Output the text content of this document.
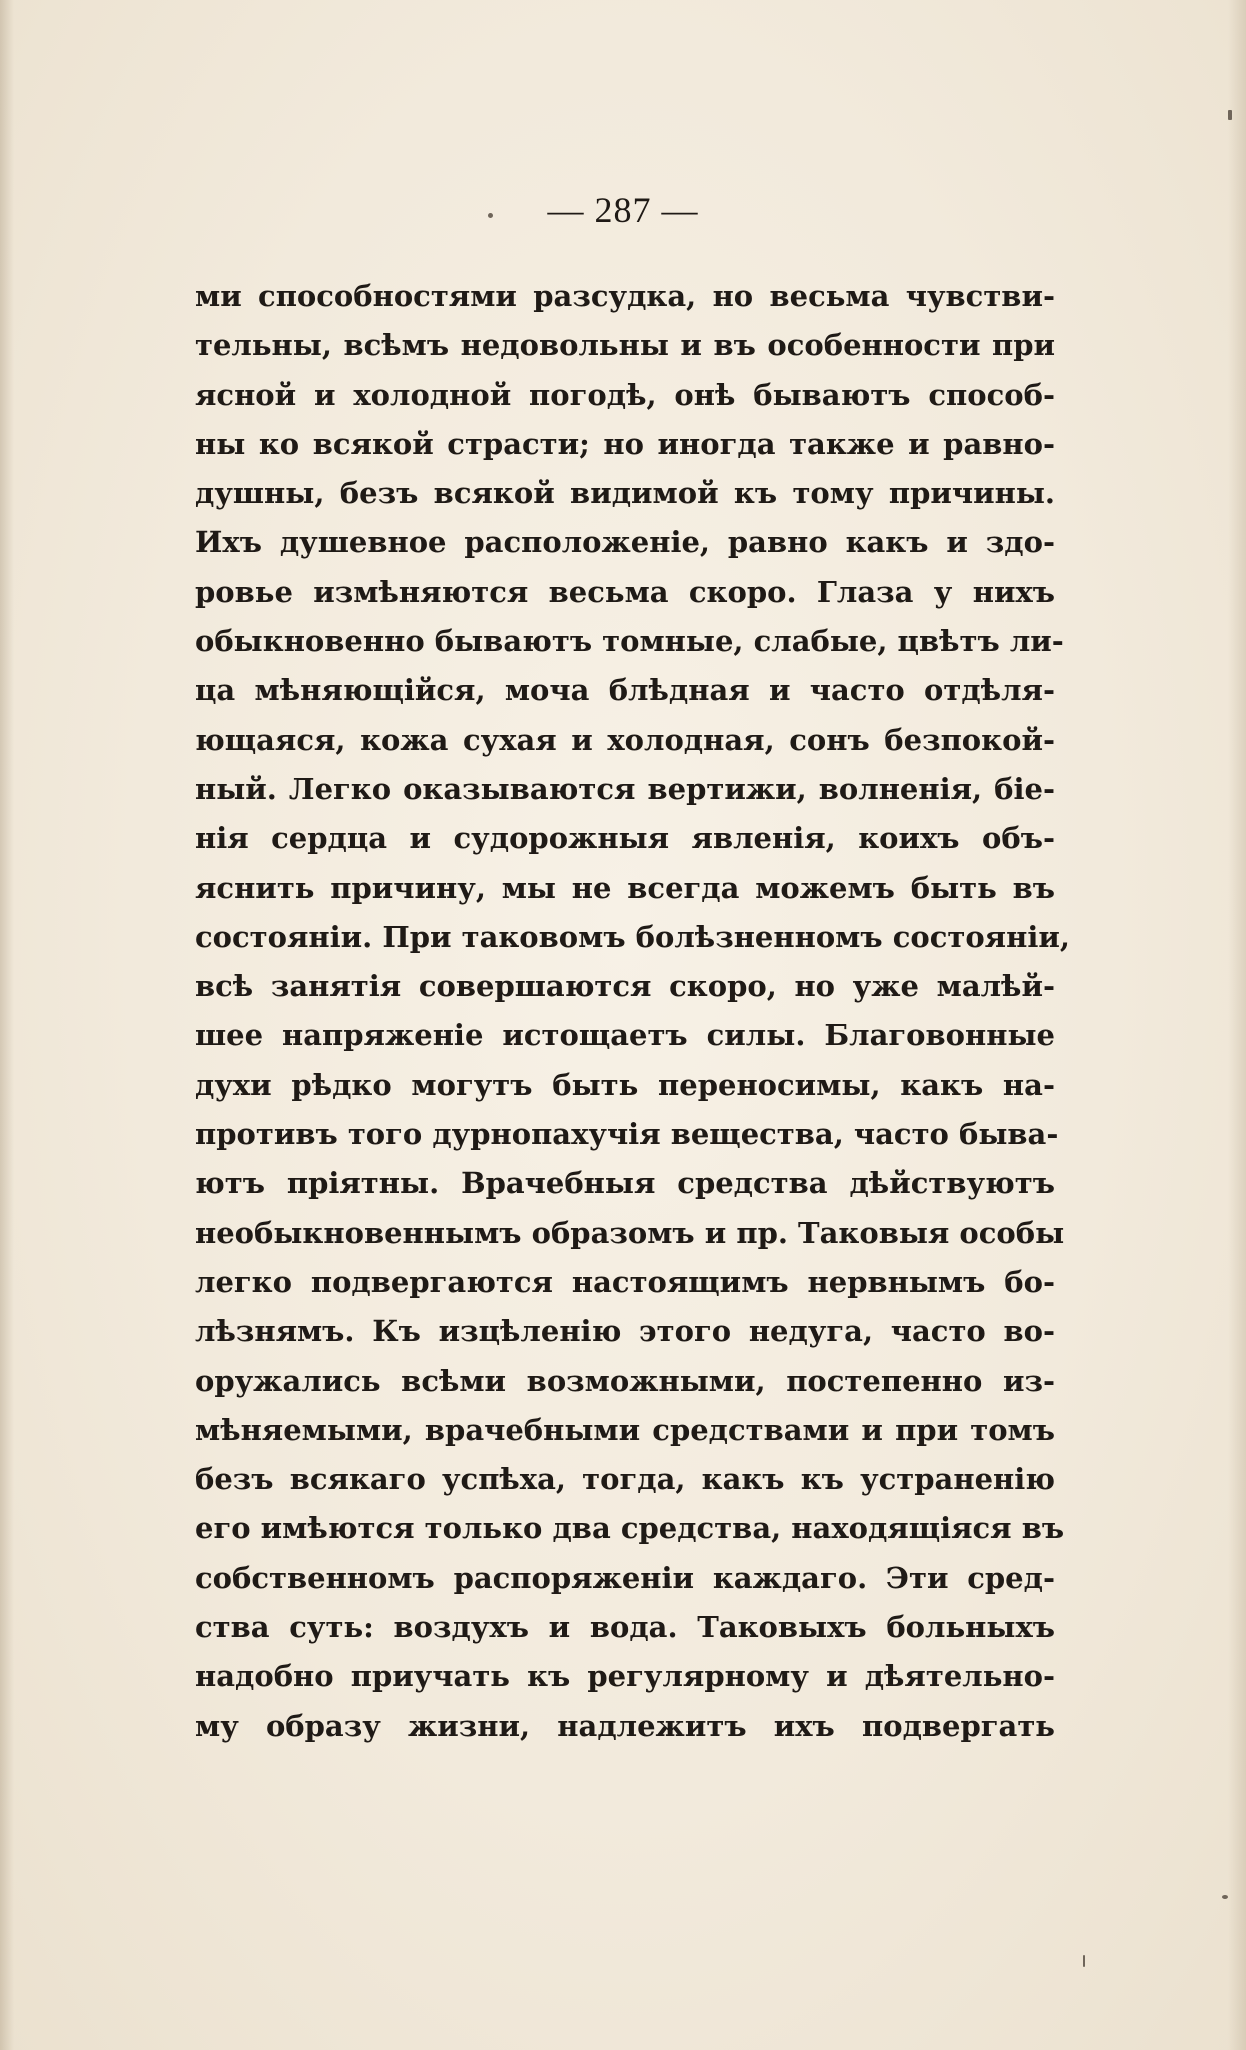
— 287 —
ми способностями разсудка, но весьма чувстви-
тельны, всѣмъ недовольны и въ особенности при
ясной и холодной погодѣ, онѣ бываютъ способ-
ны ко всякой страсти; но иногда также и равно-
душны, безъ всякой видимой къ тому причины.
Ихъ душевное расположеніе, равно какъ и здо-
ровье измѣняются весьма скоро. Глаза у нихъ
обыкновенно бываютъ томные, слабые, цвѣтъ ли-
ца мѣняющійся, моча блѣдная и часто отдѣля-
ющаяся, кожа сухая и холодная, сонъ безпокой-
ный. Легко оказываются вертижи, волненія, біе-
нія сердца и судорожныя явленія, коихъ объ-
яснить причину, мы не всегда можемъ быть въ
состояніи. При таковомъ болѣзненномъ состояніи,
всѣ занятія совершаются скоро, но уже малѣй-
шее напряженіе истощаетъ силы. Благовонные
духи рѣдко могутъ быть переносимы, какъ на-
противъ того дурнопахучія вещества, часто быва-
ютъ пріятны. Врачебныя средства дѣйствуютъ
необыкновеннымъ образомъ и пр. Таковыя особы
легко подвергаются настоящимъ нервнымъ бо-
лѣзнямъ. Къ изцѣленію этого недуга, часто во-
оружались всѣми возможными, постепенно из-
мѣняемыми, врачебными средствами и при томъ
безъ всякаго успѣха, тогда, какъ къ устраненію
его имѣются только два средства, находящіяся въ
собственномъ распоряженіи каждаго. Эти сред-
ства суть: воздухъ и вода. Таковыхъ больныхъ
надобно приучать къ регулярному и дѣятельно-
му образу жизни, надлежитъ ихъ подвергать
